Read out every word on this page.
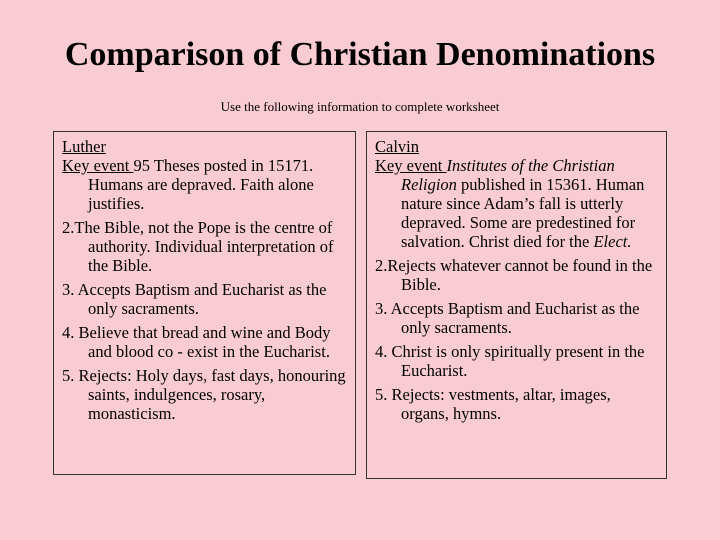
Comparison of Christian Denominations
Use the following information to complete worksheet
Luther
Key event 95 Theses posted in 15171. Humans are depraved. Faith alone justifies.
2.The Bible, not the Pope is the centre of authority. Individual interpretation of the Bible.
3. Accepts Baptism and Eucharist as the only sacraments.
4. Believe that bread and wine and Body and blood co - exist in the Eucharist.
5. Rejects: Holy days, fast days, honouring saints, indulgences, rosary, monasticism.
Calvin
Key event Institutes of the Christian Religion published in 15361. Human nature since Adam’s fall is utterly depraved. Some are predestined for salvation. Christ died for the Elect.
2.Rejects whatever cannot be found in the Bible.
3. Accepts Baptism and Eucharist as the only sacraments.
4. Christ is only spiritually present in the Eucharist.
5. Rejects: vestments, altar, images, organs, hymns.
